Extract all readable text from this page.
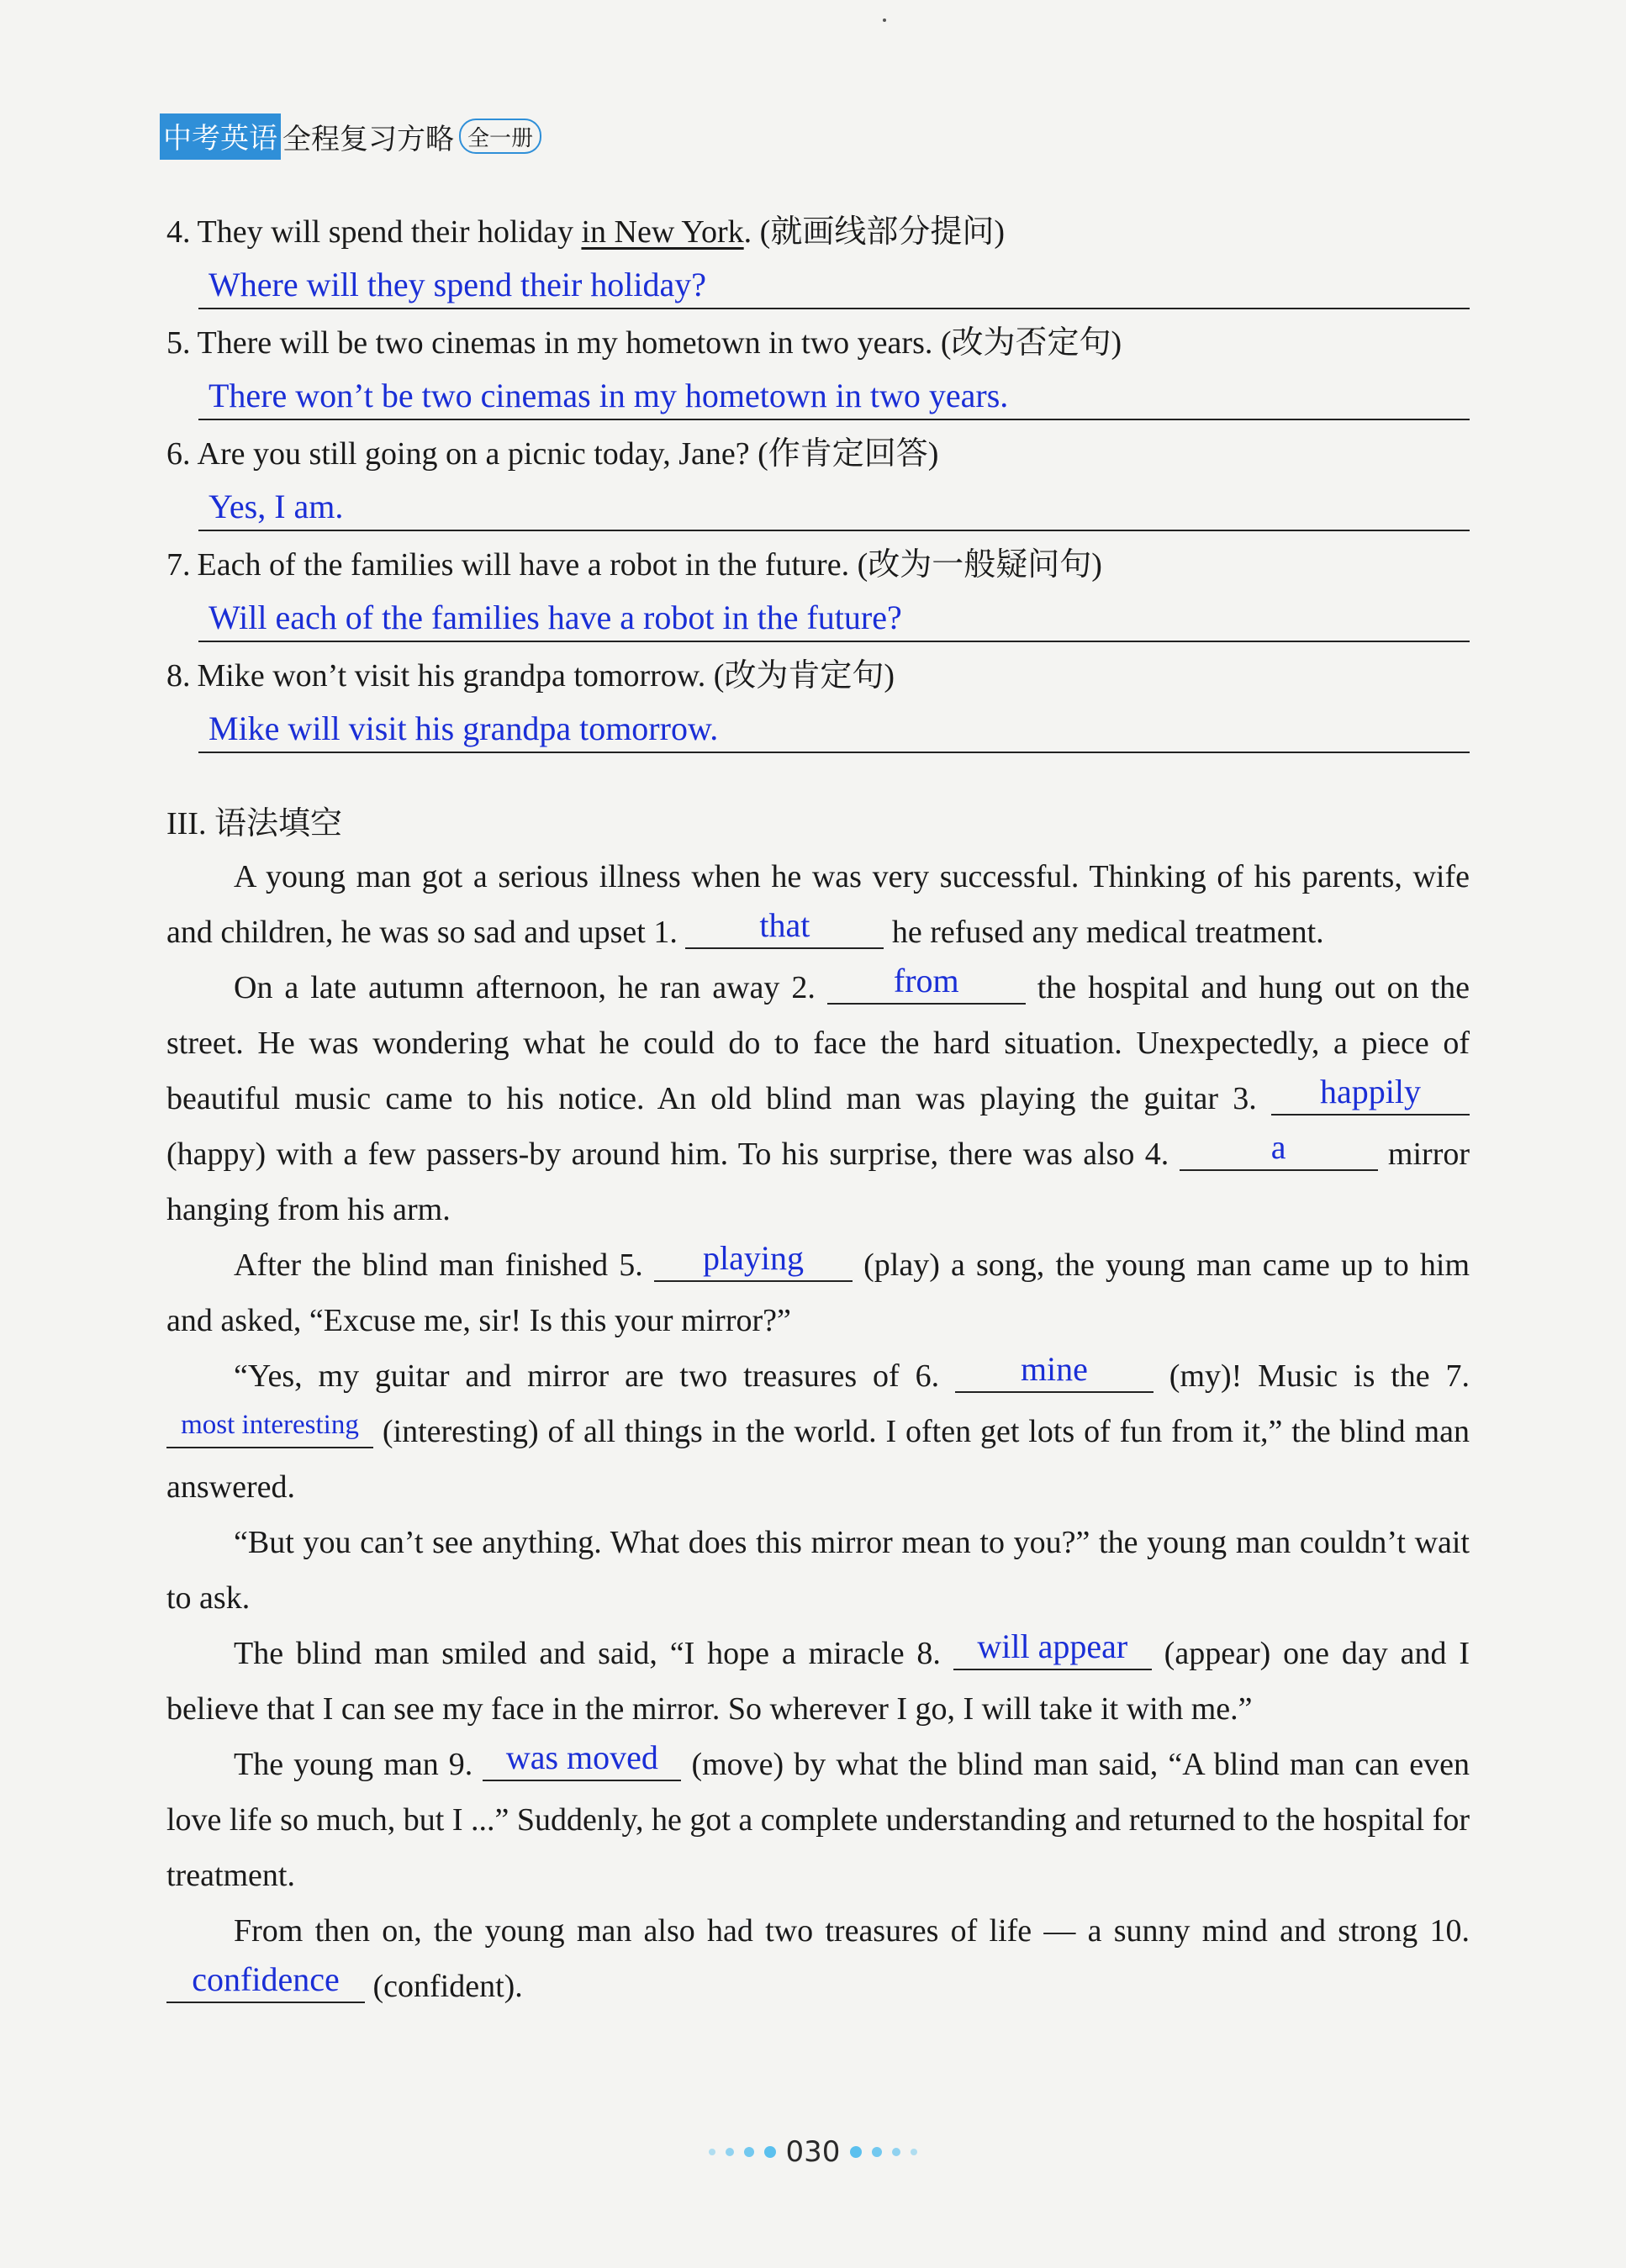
中考英语 全程复习方略 全一册
4. They will spend their holiday in New York. (就画线部分提问)
Where will they spend their holiday?
5. There will be two cinemas in my hometown in two years. (改为否定句)
There won’t be two cinemas in my hometown in two years.
6. Are you still going on a picnic today, Jane? (作肯定回答)
Yes, I am.
7. Each of the families will have a robot in the future. (改为一般疑问句)
Will each of the families have a robot in the future?
8. Mike won’t visit his grandpa tomorrow. (改为肯定句)
Mike will visit his grandpa tomorrow.
III. 语法填空
A young man got a serious illness when he was very successful. Thinking of his parents, wife and children, he was so sad and upset 1.	that	he refused any medical treatment.
On a late autumn afternoon, he ran away 2.	from	the hospital and hung out on the street. He was wondering what he could do to face the hard situation. Unexpectedly, a piece of beautiful music came to his notice. An old blind man was playing the guitar 3.	happily
(happy) with a few passers-by around him. To his surprise, there was also 4.	a	mirror hanging from his arm.
After the blind man finished 5.	playing	(play) a song, the young man came up to him and asked, “Excuse me, sir! Is this your mirror?”
“Yes, my guitar and mirror are two treasures of 6.	mine	(my)! Music is the 7.
most interesting (interesting) of all things in the world. I often get lots of fun from it,” the blind man answered.
“But you can’t see anything. What does this mirror mean to you?” the young man couldn’t wait to ask.
The blind man smiled and said, “I hope a miracle 8.	will appear (appear) one day and I believe that I can see my face in the mirror. So wherever I go, I will take it with me.”
The young man 9. was moved (move) by what the blind man said, “A blind man can even love life so much, but I ...” Suddenly, he got a complete understanding and returned to the hospital for treatment.
From then on, the young man also had two treasures of life — a sunny mind and strong 10.
confidence (confident).
030
